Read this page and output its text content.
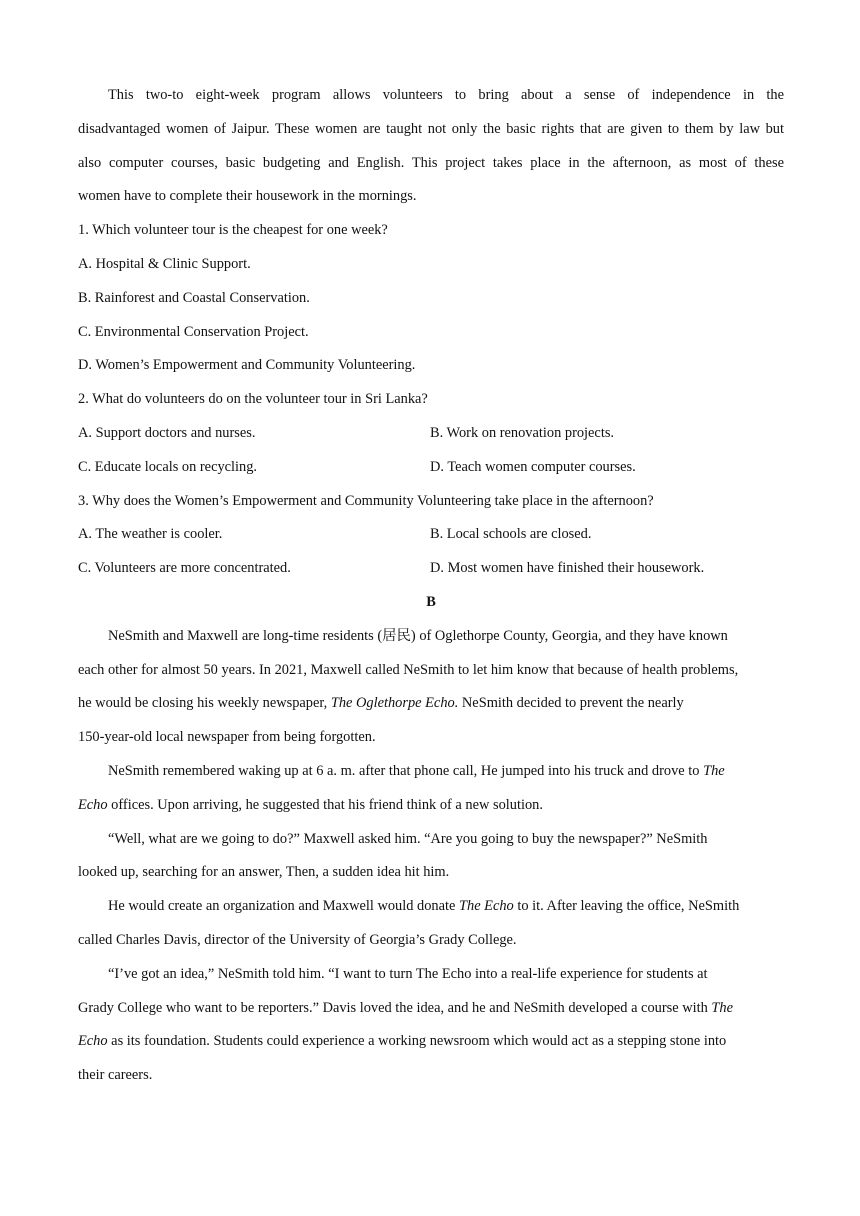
This two-to eight-week program allows volunteers to bring about a sense of independence in the

disadvantaged women of Jaipur. These women are taught not only the basic rights that are given to them by law but

also computer courses, basic budgeting and English. This project takes place in the afternoon, as most of these

women have to complete their housework in the mornings.

1. Which volunteer tour is the cheapest for one week?

A. Hospital & Clinic Support.

B. Rainforest and Coastal Conservation.

C. Environmental Conservation Project.

D. Women’s Empowerment and Community Volunteering.

2. What do volunteers do on the volunteer tour in Sri Lanka?

A. Support doctors and nurses.	B. Work on renovation projects.
C. Educate locals on recycling.	D. Teach women computer courses.

3. Why does the Women’s Empowerment and Community Volunteering take place in the afternoon?

A. The weather is cooler.	B. Local schools are closed.
C. Volunteers are more concentrated.	D. Most women have finished their housework.

B

NeSmith and Maxwell are long-time residents (居民) of Oglethorpe County, Georgia, and they have known

each other for almost 50 years. In 2021, Maxwell called NeSmith to let him know that because of health problems,

he would be closing his weekly newspaper, The Oglethorpe Echo. NeSmith decided to prevent the nearly

150-year-old local newspaper from being forgotten.

NeSmith remembered waking up at 6 a. m. after that phone call, He jumped into his truck and drove to The

Echo offices. Upon arriving, he suggested that his friend think of a new solution.

“Well, what are we going to do?” Maxwell asked him. “Are you going to buy the newspaper?” NeSmith

looked up, searching for an answer, Then, a sudden idea hit him.

He would create an organization and Maxwell would donate The Echo to it. After leaving the office, NeSmith

called Charles Davis, director of the University of Georgia’s Grady College.

“I’ve got an idea,” NeSmith told him. “I want to turn The Echo into a real-life experience for students at

Grady College who want to be reporters.” Davis loved the idea, and he and NeSmith developed a course with The

Echo as its foundation. Students could experience a working newsroom which would act as a stepping stone into

their careers.
